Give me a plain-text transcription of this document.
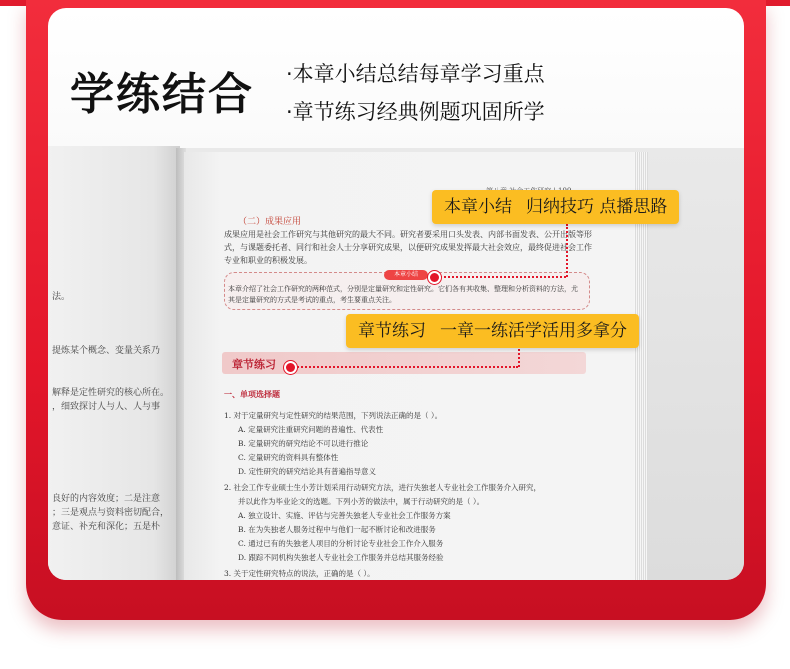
学练结合 ·本章小结总结每章学习重点
·章节练习经典例题巩固所学
法。
提炼某个概念、变量关系乃
解释是定性研究的核心所在。
，细致探讨人与人、人与事
良好的内容效度；二是注意
；三是观点与资料密切配合，
意证、补充和深化；五是朴
（二）成果应用
成果应用是社会工作研究与其他研究的最大不同。研究者要采用口头发表、内部书面发表、公开出版等形式，与课题委托者、同行和社会人士分享研究成果，以便研究成果发挥最大社会效应，最终促进社会工作专业和职业的积极发展。
本章小结
本章介绍了社会工作研究的两种范式，分别是定量研究和定性研究。它们各有其收集、整理和分析资料的方法，尤其是定量研究的方式是考试的重点，考生要重点关注。
章节练习
一、单项选择题
1. 对于定量研究与定性研究的结果范围，下列说法正确的是（ ）。
A. 定量研究注重研究问题的普遍性、代表性
B. 定量研究的研究结论不可以进行推论
C. 定量研究的资料具有整体性
D. 定性研究的研究结论具有普遍指导意义
2. 社会工作专业硕士生小芳计划采用行动研究方法，进行失独老人专业社会工作服务介入研究，
并以此作为毕业论文的选题。下列小芳的做法中，属于行动研究的是（ ）。
A. 独立设计、实施、评估与完善失独老人专业社会工作服务方案
B. 在为失独老人服务过程中与他们一起不断讨论和改进服务
C. 通过已有的失独老人项目的分析讨论专业社会工作介入服务
D. 跟踪不同机构失独老人专业社会工作服务并总结其服务经验
3. 关于定性研究特点的说法，正确的是（ ）。
本章小结 归纳技巧 点播思路
章节练习 一章一练活学活用多拿分
